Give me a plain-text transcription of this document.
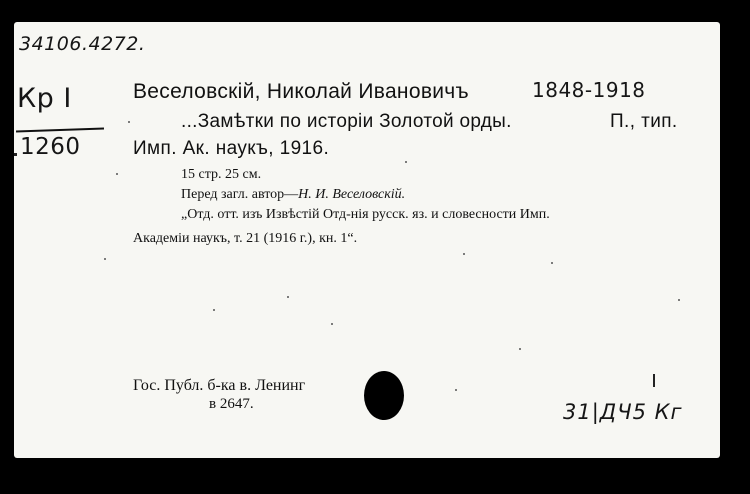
34106.4272.
Кр І
1260
Веселовскій, Николай Ивановичъ	1848-1918
...Замѣтки по исторіи Золотой орды.	П., тип.
Имп. Ак. наукъ, 1916.
15 стр. 25 см.
Перед загл. автор—Н. И. Веселовскій.
„Отд. отт. изъ Извѣстій Отд-нія русск. яз. и словесности Имп.
Академіи наукъ, т. 21 (1916 г.), кн. 1“.
Гос. Публ. б-ка в. Ленинг
в 2647.	31|ДЧ5 Кг
